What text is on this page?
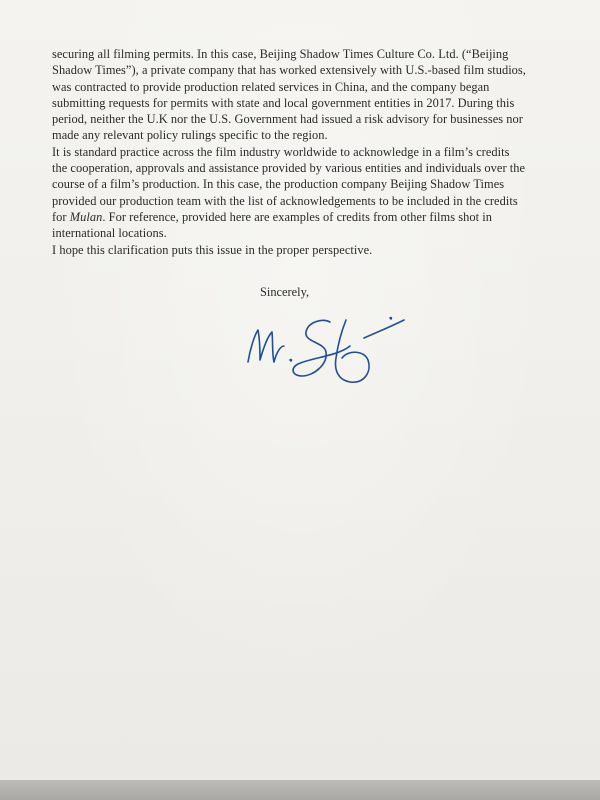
securing all filming permits. In this case, Beijing Shadow Times Culture Co. Ltd. (“Beijing
Shadow Times”), a private company that has worked extensively with U.S.-based film studios,
was contracted to provide production related services in China, and the company began
submitting requests for permits with state and local government entities in 2017. During this
period, neither the U.K nor the U.S. Government had issued a risk advisory for businesses nor
made any relevant policy rulings specific to the region.

It is standard practice across the film industry worldwide to acknowledge in a film’s credits
the cooperation, approvals and assistance provided by various entities and individuals over the
course of a film’s production. In this case, the production company Beijing Shadow Times
provided our production team with the list of acknowledgements to be included in the credits
for Mulan. For reference, provided here are examples of credits from other films shot in
international locations.

I hope this clarification puts this issue in the proper perspective.

Sincerely,
